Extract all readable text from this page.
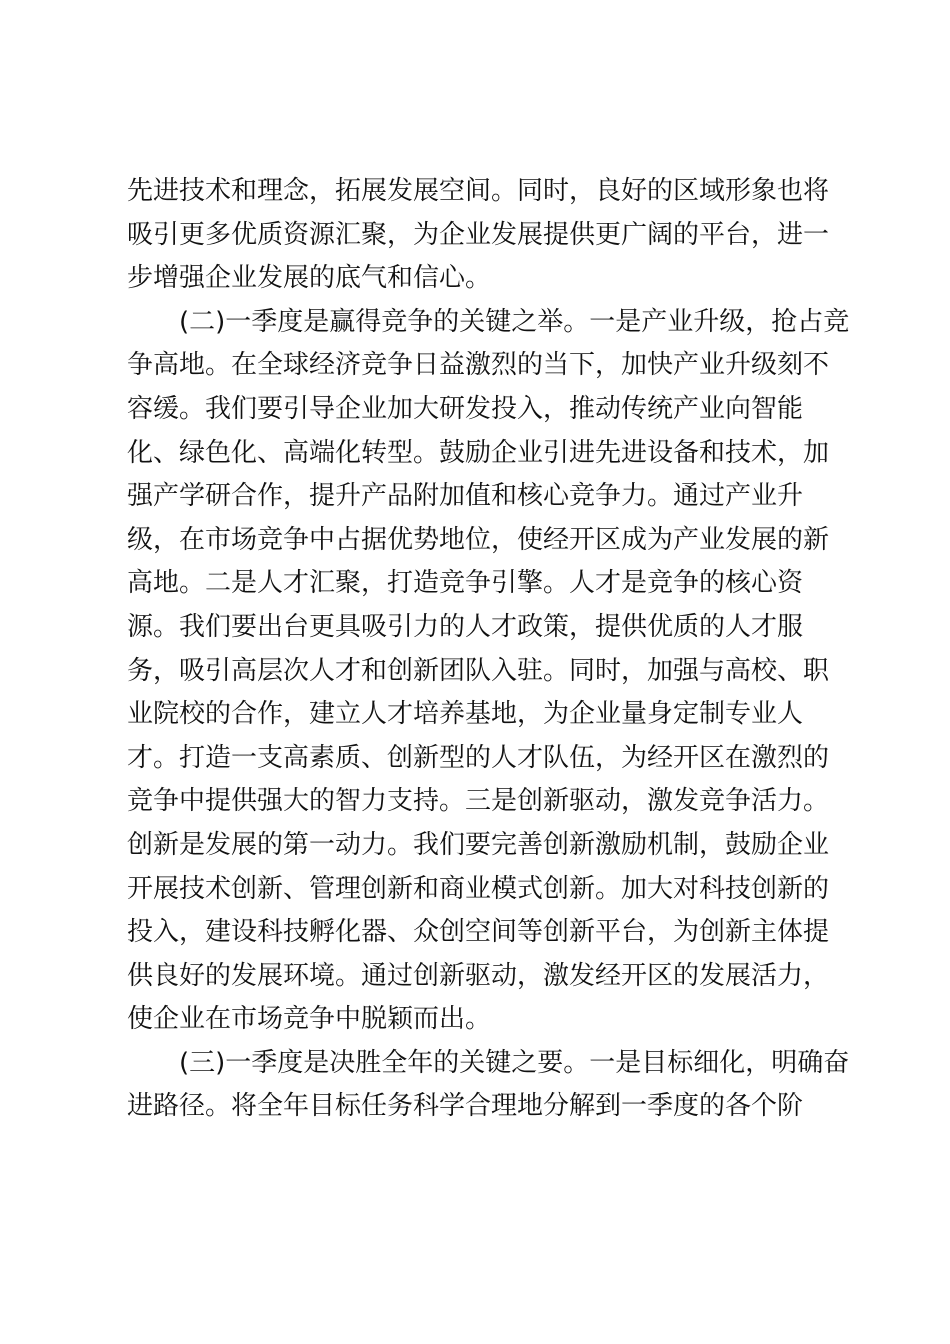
先进技术和理念，拓展发展空间。同时，良好的区域形象也将
吸引更多优质资源汇聚，为企业发展提供更广阔的平台，进一
步增强企业发展的底气和信心。
(二)一季度是赢得竞争的关键之举。一是产业升级，抢占竞
争高地。在全球经济竞争日益激烈的当下，加快产业升级刻不
容缓。我们要引导企业加大研发投入，推动传统产业向智能
化、绿色化、高端化转型。鼓励企业引进先进设备和技术，加
强产学研合作，提升产品附加值和核心竞争力。通过产业升
级，在市场竞争中占据优势地位，使经开区成为产业发展的新
高地。二是人才汇聚，打造竞争引擎。人才是竞争的核心资
源。我们要出台更具吸引力的人才政策，提供优质的人才服
务，吸引高层次人才和创新团队入驻。同时，加强与高校、职
业院校的合作，建立人才培养基地，为企业量身定制专业人
才。打造一支高素质、创新型的人才队伍，为经开区在激烈的
竞争中提供强大的智力支持。三是创新驱动，激发竞争活力。
创新是发展的第一动力。我们要完善创新激励机制，鼓励企业
开展技术创新、管理创新和商业模式创新。加大对科技创新的
投入，建设科技孵化器、众创空间等创新平台，为创新主体提
供良好的发展环境。通过创新驱动，激发经开区的发展活力，
使企业在市场竞争中脱颖而出。
(三)一季度是决胜全年的关键之要。一是目标细化，明确奋
进路径。将全年目标任务科学合理地分解到一季度的各个阶
